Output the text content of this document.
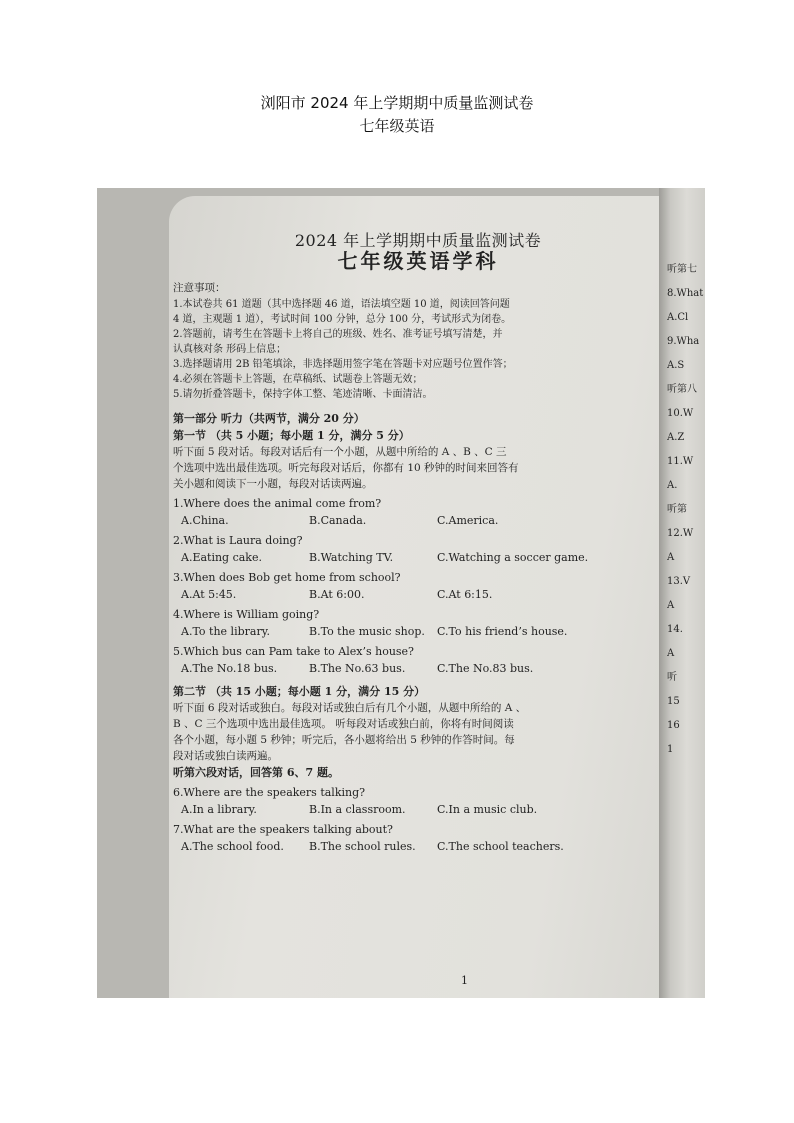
浏阳市 2024 年上学期期中质量监测试卷
七年级英语
2024 年上学期期中质量监测试卷
七年级英语学科
注意事项：
1.本试卷共 61 道题（其中选择题 46 道，语法填空题 10 道，阅读回答问题
4 道，主观题 1 道），考试时间 100 分钟，总分 100 分，考试形式为闭卷。
2.答题前，请考生在答题卡上将自己的班级、姓名、准考证号填写清楚，并
认真核对条 形码上信息；
3.选择题请用 2B 铅笔填涂，非选择题用签字笔在答题卡对应题号位置作答；
4.必须在答题卡上答题，在草稿纸、试题卷上答题无效；
5.请勿折叠答题卡，保持字体工整、笔迹清晰、卡面清洁。
第一部分 听力（共两节，满分 20 分）
第一节 （共 5 小题；每小题 1 分，满分 5 分）
听下面 5 段对话。每段对话后有一个小题，从题中所给的 A 、B 、C 三
个选项中选出最佳选项。听完每段对话后，你都有 10 秒钟的时间来回答有
关小题和阅读下一小题，每段对话读两遍。
1.Where does the animal come from?
A.China.	B.Canada.	C.America.
2.What is Laura doing?
A.Eating cake.	B.Watching TV.	C.Watching a soccer game.
3.When does Bob get home from school?
A.At 5:45.	B.At 6:00.	C.At 6:15.
4.Where is William going?
A.To the library.	B.To the music shop.	C.To his friend’s house.
5.Which bus can Pam take to Alex’s house?
A.The No.18 bus.	B.The No.63 bus.	C.The No.83 bus.
第二节 （共 15 小题；每小题 1 分，满分 15 分）
听下面 6 段对话或独白。每段对话或独白后有几个小题，从题中所给的 A 、
B 、C 三个选项中选出最佳选项。 听每段对话或独白前，你将有时间阅读
各个小题，每小题 5 秒钟；听完后，各小题将给出 5 秒钟的作答时间。每
段对话或独白读两遍。
听第六段对话，回答第 6、7 题。
6.Where are the speakers talking?
A.In a library.	B.In a classroom.	C.In a music club.
7.What are the speakers talking about?
A.The school food.	B.The school rules.	C.The school teachers.
1
听第七
8.What
A.Cl
9.Wha
A.S
听第八
10.W
A.Z
11.W
A.
听第
12.W
A
13.V
A
14.
A
听
15
16
1
